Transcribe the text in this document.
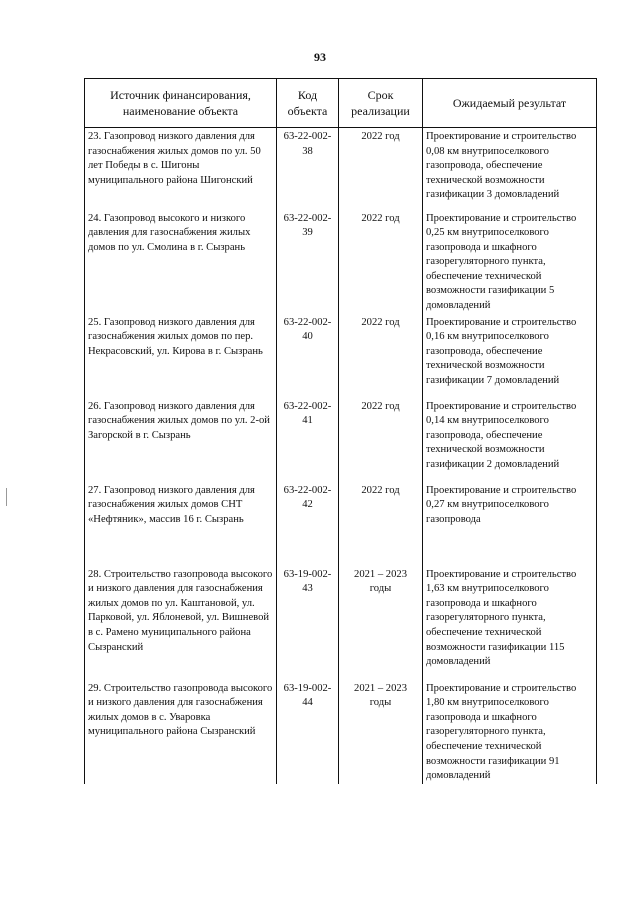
93
Источник финансирования, наименование объекта	Код объекта	Срок реализации	Ожидаемый результат
23. Газопровод низкого давления для газоснабжения жилых домов по ул. 50 лет Победы в с. Шигоны муниципального района Шигонский	63-22-002-38	2022 год	Проектирование и строительство 0,08 км внутрипоселкового газопровода, обеспечение технической возможности газификации 3 домовладений
24. Газопровод высокого и низкого давления для газоснабжения жилых домов по ул. Смолина в г. Сызрань	63-22-002-39	2022 год	Проектирование и строительство 0,25 км внутрипоселкового газопровода и шкафного газорегуляторного пункта, обеспечение технической возможности газификации 5 домовладений
25. Газопровод низкого давления для газоснабжения жилых домов по пер. Некрасовский, ул. Кирова в г. Сызрань	63-22-002-40	2022 год	Проектирование и строительство 0,16 км внутрипоселкового газопровода, обеспечение технической возможности газификации 7 домовладений
26. Газопровод низкого давления для газоснабжения жилых домов по ул. 2-ой Загорской в г. Сызрань	63-22-002-41	2022 год	Проектирование и строительство 0,14 км внутрипоселкового газопровода, обеспечение технической возможности газификации 2 домовладений
27. Газопровод низкого давления для газоснабжения жилых домов СНТ «Нефтяник», массив 16 г. Сызрань	63-22-002-42	2022 год	Проектирование и строительство 0,27 км внутрипоселкового газопровода
28. Строительство газопровода высокого и низкого давления для газоснабжения жилых домов по ул. Каштановой, ул. Парковой, ул. Яблоневой, ул. Вишневой в с. Рамено муниципального района Сызранский	63-19-002-43	2021 – 2023 годы	Проектирование и строительство 1,63 км внутрипоселкового газопровода и шкафного газорегуляторного пункта, обеспечение технической возможности газификации 115 домовладений
29. Строительство газопровода высокого и низкого давления для газоснабжения жилых домов в с. Уваровка муниципального района Сызранский	63-19-002-44	2021 – 2023 годы	Проектирование и строительство 1,80 км внутрипоселкового газопровода и шкафного газорегуляторного пункта, обеспечение технической возможности газификации 91 домовладений
